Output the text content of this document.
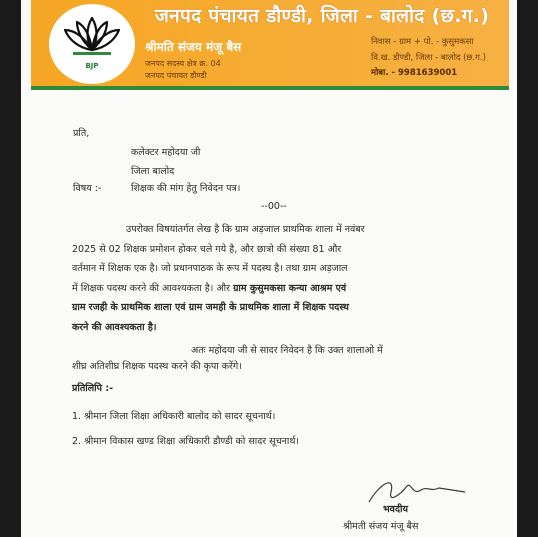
BJP
जनपद पंचायत डौण्डी, जिला - बालोद (छ.ग.)
श्रीमति संजय मंजू बैस
जनपद सदस्य क्षेत्र क्र. 04
जनपद पंचायत डौण्डी
निवास - ग्राम + पो. - कुसुमकसा
वि.ख. डौण्डी, जिला - बालोद (छ.ग.)
मोबा. - 9981639001
प्रति,
कलेक्टर महोदया जी
जिला बालोद
विषय :-	शिक्षक की मांग हेतु निवेदन पत्र।
--00--
उपरोक्त विषयांतर्गत लेख है कि ग्राम अड़जाल प्राथमिक शाला में नवंबर
2025 से 02 शिक्षक प्रमोशन होकर चले गये है, और छात्रो की संख्या 81 और
वर्तमान में शिक्षक एक है। जो प्रधानपाठक के रूप में पदस्थ है। तथा ग्राम अड़जाल
में शिक्षक पदस्थ करने की आवश्यकता है। और ग्राम कुसुमकसा कन्या आश्रम एवं
ग्राम रजही के प्राथमिक शाला एवं ग्राम जमही के प्राथमिक शाला में शिक्षक पदस्थ
करने की आवश्यकता है।
अतः महोदया जी से सादर निवेदन है कि उक्त शालाओ में
शीघ्र अतिशीघ्र शिक्षक पदस्थ करने की कृपा करेंगे।
प्रतिलिपि :-
1. श्रीमान जिला शिक्षा अधिकारी बालोद को सादर सूचनार्थ।
2. श्रीमान विकास खण्ड शिक्षा अधिकारी डौण्डी को सादर सूचनार्थ।
भवदीय
श्रीमती संजय मंजू बैस
